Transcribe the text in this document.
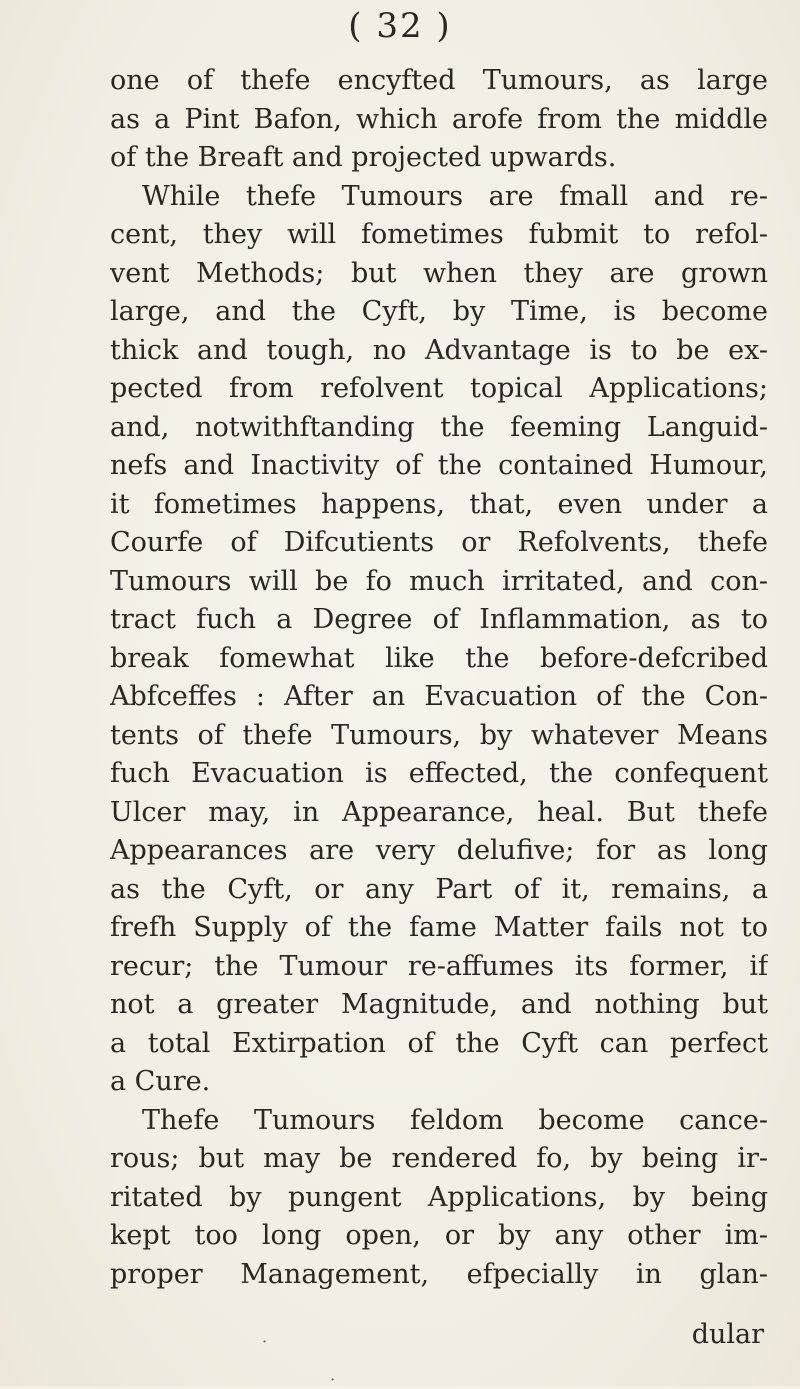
( 32 )
one of thefe encyfted Tumours, as large
as a Pint Bafon, which arofe from the middle
of the Breaft and projected upwards.
While thefe Tumours are fmall and re-
cent, they will fometimes fubmit to refol-
vent Methods; but when they are grown
large, and the Cyft, by Time, is become
thick and tough, no Advantage is to be ex-
pected from refolvent topical Applications;
and, notwithftanding the feeming Languid-
nefs and Inactivity of the contained Humour,
it fometimes happens, that, even under a
Courfe of Difcutients or Refolvents, thefe
Tumours will be fo much irritated, and con-
tract fuch a Degree of Inflammation, as to
break fomewhat like the before-defcribed
Abfceffes : After an Evacuation of the Con-
tents of thefe Tumours, by whatever Means
fuch Evacuation is effected, the confequent
Ulcer may, in Appearance, heal. But thefe
Appearances are very delufive; for as long
as the Cyft, or any Part of it, remains, a
frefh Supply of the fame Matter fails not to
recur; the Tumour re-affumes its former, if
not a greater Magnitude, and nothing but
a total Extirpation of the Cyft can perfect
a Cure.
Thefe Tumours feldom become cance-
rous; but may be rendered fo, by being ir-
ritated by pungent Applications, by being
kept too long open, or by any other im-
proper Management, efpecially in glan-
dular
·
·
